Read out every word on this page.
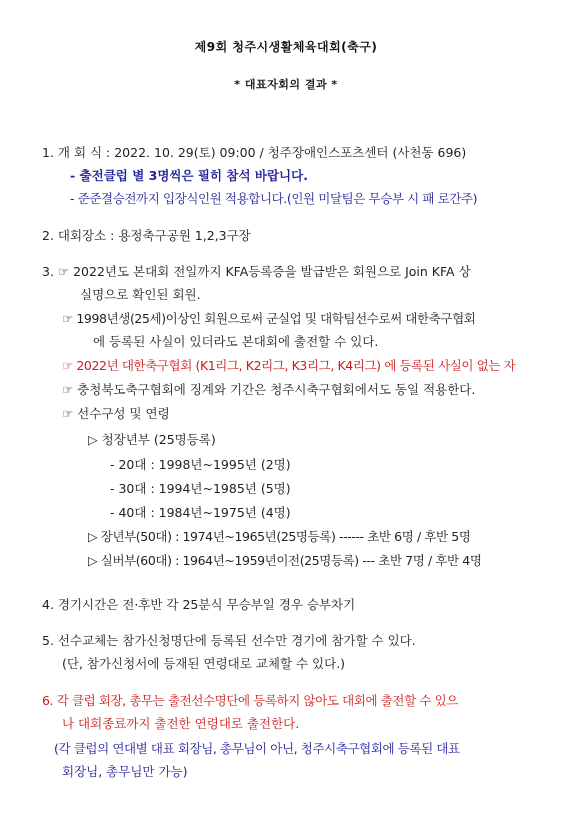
제9회 청주시생활체육대회(축구)
* 대표자회의 결과 *
1. 개 회 식 : 2022. 10. 29(토) 09:00 / 청주장애인스포츠센터 (사천동 696)
- 출전클럽 별 3명씩은 필히 참석 바랍니다.
- 준준결승전까지 입장식인원 적용합니다.(인원 미달팀은 무승부 시 패 로간주)
2. 대회장소 : 용정축구공원 1,2,3구장
3. ☞ 2022년도 본대회 전일까지 KFA등록증을 발급받은 회원으로 Join KFA 상
실명으로 확인된 회원.
☞ 1998년생(25세)이상인 회원으로써 군실업 및 대학팀선수로써 대한축구협회
에 등록된 사실이 있더라도 본대회에 출전할 수 있다.
☞ 2022년 대한축구협회 (K1리그, K2리그, K3리그, K4리그) 에 등록된 사실이 없는 자
☞ 충청북도축구협회에 징계와 기간은 청주시축구협회에서도 동일 적용한다.
☞ 선수구성 및 연령
▷ 청장년부 (25명등록)
- 20대 : 1998년~1995년 (2명)
- 30대 : 1994년~1985년 (5명)
- 40대 : 1984년~1975년 (4명)
▷ 장년부(50대) : 1974년~1965년(25명등록) ------ 초반 6명 / 후반 5명
▷ 실버부(60대) : 1964년~1959년이전(25명등록) --- 초반 7명 / 후반 4명
4. 경기시간은 전·후반 각 25분식 무승부일 경우 승부차기
5. 선수교체는 참가신청명단에 등록된 선수만 경기에 참가할 수 있다.
(단, 참가신청서에 등재된 연령대로 교체할 수 있다.)
6. 각 클럽 회장, 총무는 출전선수명단에 등록하지 않아도 대회에 출전할 수 있으
나 대회종료까지 출전한 연령대로 출전한다.
(각 클럽의 연대별 대표 회장님, 총무님이 아닌, 청주시축구협회에 등록된 대표
회장님, 총무님만 가능)
